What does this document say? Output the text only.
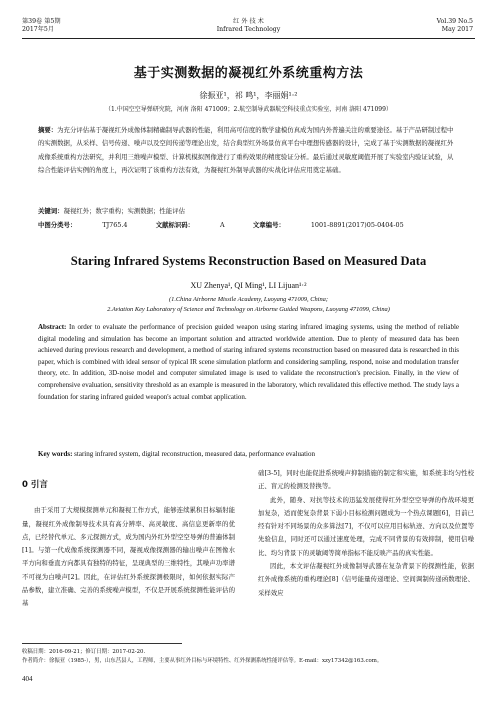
第39卷 第5期
2017年5月
红 外 技 术
Infrared Technology
Vol.39 No.5
May 2017
基于实测数据的凝视红外系统重构方法
徐振亚¹，祁 鸣¹，李丽娟¹·²
（1.中国空空导弹研究院，河南 洛阳 471009；2.航空制导武器航空科技重点实验室，河南 洛阳 471099）
摘要：为充分评估基于凝视红外成像体制精确制导武器的性能，利用高可信度的数学建模仿真成为国内外普遍关注的重要途径。基于产品研制过程中的实测数据，从采样、信号传递、噪声以及空间传递等理论出发，结合典型红外场景仿真平台中理想传感器的设计，完成了基于实测数据的凝视红外成像系统重构方法研究，并利用三维噪声模型、计算机模拟图像进行了重构效果的精度验证分析。最后通过灵敏度阈值开展了实验室内验证试验，从综合性能评估实例的角度上，再次证明了该重构方法有效，为凝视红外制导武器的实战化评估应用奠定基础。
关键词：凝视红外；数字重构；实测数据；性能评估
中图分类号：	TJ765.4	文献标识码：	A	文章编号：	1001-8891(2017)05-0404-05
Staring Infrared Systems Reconstruction Based on Measured Data
XU Zhenya¹, QI Ming¹, LI Lijuan¹·²
(1.China Airborne Missile Academy, Luoyang 471009, China;
2.Aviation Key Laboratory of Science and Technology on Airborne Guided Weapons, Luoyang 471099, China)
Abstract: In order to evaluate the performance of precision guided weapon using staring infrared imaging systems, using the method of reliable digital modeling and simulation has become an important solution and attracted worldwide attention. Due to plenty of measured data has been achieved during previous research and development, a method of staring infrared systems reconstruction based on measured data is researched in this paper, which is combined with ideal sensor of typical IR scene simulation platform and considering sampling, respond, noise and modulation transfer theory, etc. In addition, 3D-noise model and computer simulated image is used to validate the reconstruction's precision. Finally, in the view of comprehensive evaluation, sensitivity threshold as an example is measured in the laboratory, which revalidated this effective method. The study lays a foundation for staring infrared guided weapon's actual combat application.
Key words: staring infrared system, digital reconstruction, measured data, performance evaluation
0 引言

由于采用了大规模探测单元和凝视工作方式，能够连续累积目标辐射能量，凝视红外成像制导技术具有高分辨率、高灵敏度、高信息更新率的优点，已经替代单元、多元探测方式，成为国内外红外型空空导弹的普遍体制[1]。与第一代成像系统探测器不同，凝视成像探测器的输出噪声在图像水平方向和垂直方向都具有独特的特征，呈现典型的三维特性，其噪声功率谱不可视为白噪声[2]。因此，在评估红外系统探测极限时，如何依据实际产品参数，建立准确、完善的系统噪声模型，不仅是开展系统探测性能评估的基

础[3-5]，同时也能促进系统噪声抑制措施的制定和实施，如系统非均匀性校正、盲元的检测及替换等。

此外，随身、对抗等技术的迅猛发展使得红外型空空导弹的作战环境更加复杂，适而使复杂背景下弱小目标检测问题成为一个热点课题[6]，目前已经有针对不同场景的众多算法[7]，不仅可以应用目标轨迹、方向以及位置等先验信息，同时还可以通过速度处理，完成不同背景的有效抑制，使用信噪比、均匀背景下的灵敏阈等简单指标不能反映产品的真实性能。

因此，本文评估凝视红外成像制导武器在复杂背景下的探测性能，依据红外成像系统的重构理论[8]（信号能量传递理论、空间调制传递函数理论、采样效应

收稿日期：2016-09-21；修订日期：2017-02-20.
作者简介：徐振亚（1985-），男，山东莒县人，工程师，主要从事红外目标与环境特性、红外探测系统性能评估等。E-mail：xzy17342@163.com。
404
